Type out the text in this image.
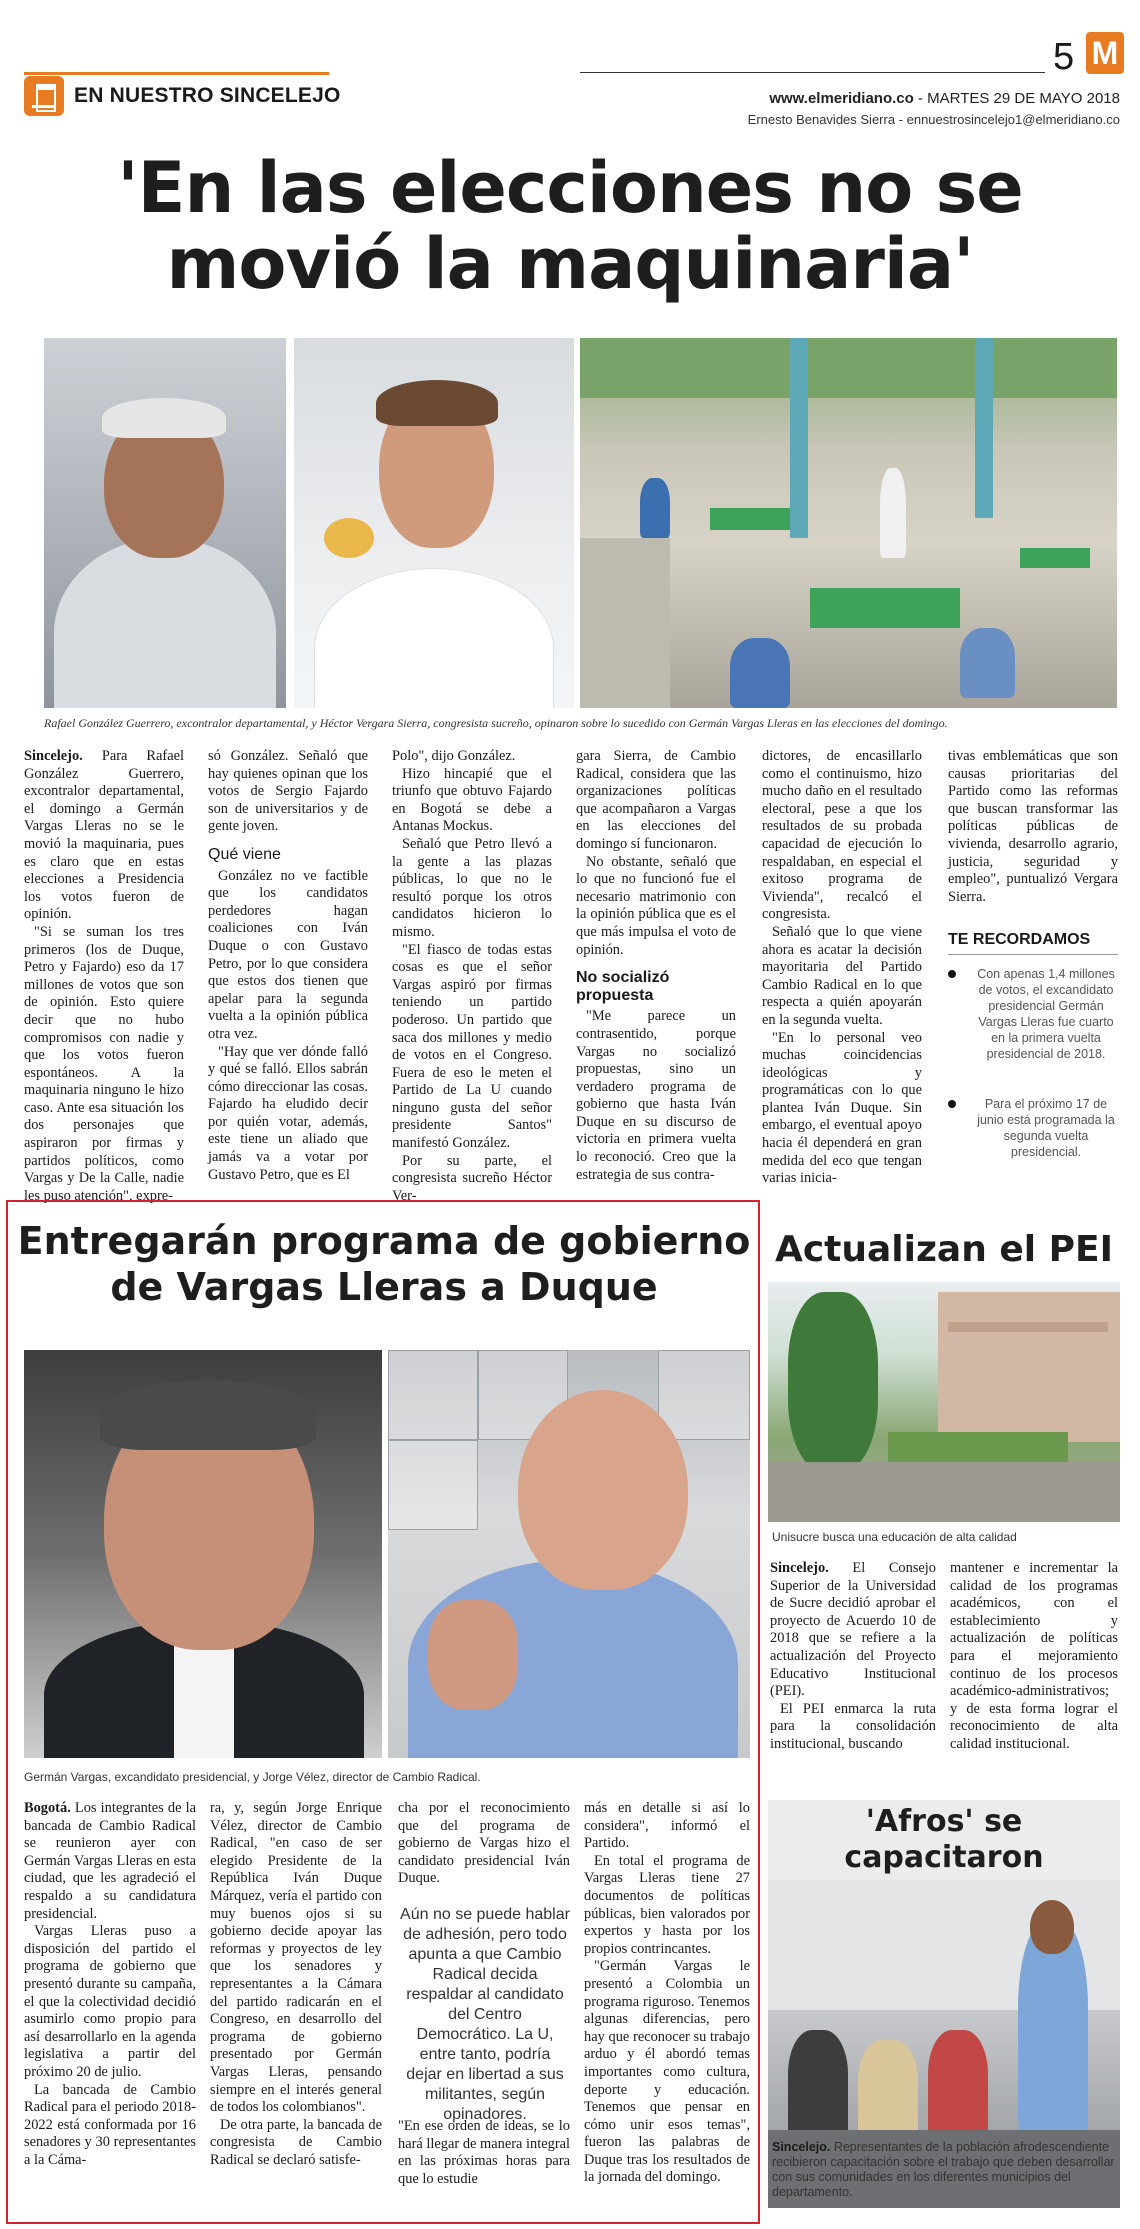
EN NUESTRO SINCELEJO
5 M
www.elmeridiano.co - MARTES 29 DE MAYO 2018
Ernesto Benavides Sierra - ennuestrosincelejo1@elmeridiano.co
'En las elecciones no se
movió la maquinaria'
Rafael González Guerrero, excontralor departamental, y Héctor Vergara Sierra, congresista sucreño, opinaron sobre lo sucedido con Germán Vargas Lleras en las elecciones del domingo.

Sincelejo. Para Rafael González Guerrero, excontralor departamental, el domingo a Germán Vargas Lleras no se le movió la maquinaria, pues es claro que en estas elecciones a Presidencia los votos fueron de opinión.

"Si se suman los tres primeros (los de Duque, Petro y Fajardo) eso da 17 millones de votos que son de opinión. Esto quiere decir que no hubo compromisos con nadie y que los votos fueron espontáneos. A la maquinaria ninguno le hizo caso. Ante esa situación los dos personajes que aspiraron por firmas y partidos políticos, como Vargas y De la Calle, nadie les puso atención", expre-

só González. Señaló que hay quienes opinan que los votos de Sergio Fajardo son de universitarios y de gente joven.

Qué viene

González no ve factible que los candidatos perdedores hagan coaliciones con Iván Duque o con Gustavo Petro, por lo que considera que estos dos tienen que apelar para la segunda vuelta a la opinión pública otra vez.

"Hay que ver dónde falló y qué se falló. Ellos sabrán cómo direccionar las cosas. Fajardo ha eludido decir por quién votar, además, este tiene un aliado que jamás va a votar por Gustavo Petro, que es El

Polo", dijo González.

Hizo hincapié que el triunfo que obtuvo Fajardo en Bogotá se debe a Antanas Mockus.

Señaló que Petro llevó a la gente a las plazas públicas, lo que no le resultó porque los otros candidatos hicieron lo mismo.

"El fiasco de todas estas cosas es que el señor Vargas aspiró por firmas teniendo un partido poderoso. Un partido que saca dos millones y medio de votos en el Congreso. Fuera de eso le meten el Partido de La U cuando ninguno gusta del señor presidente Santos" manifestó González.

Por su parte, el congresista sucreño Héctor Ver-

gara Sierra, de Cambio Radical, considera que las organizaciones políticas que acompañaron a Vargas en las elecciones del domingo sí funcionaron.

No obstante, señaló que lo que no funcionó fue el necesario matrimonio con la opinión pública que es el que más impulsa el voto de opinión.

No socializó propuesta

"Me parece un contrasentido, porque Vargas no socializó propuestas, sino un verdadero programa de gobierno que hasta Iván Duque en su discurso de victoria en primera vuelta lo reconoció. Creo que la estrategia de sus contra-

dictores, de encasillarlo como el continuismo, hizo mucho daño en el resultado electoral, pese a que los resultados de su probada capacidad de ejecución lo respaldaban, en especial el exitoso programa de Vivienda", recalcó el congresista.

Señaló que lo que viene ahora es acatar la decisión mayoritaria del Partido Cambio Radical en lo que respecta a quién apoyarán en la segunda vuelta.

"En lo personal veo muchas coincidencias ideológicas y programáticas con lo que plantea Iván Duque. Sin embargo, el eventual apoyo hacia él dependerá en gran medida del eco que tengan varias inicia-

tivas emblemáticas que son causas prioritarias del Partido como las reformas que buscan transformar las políticas públicas de vivienda, desarrollo agrario, justicia, seguridad y empleo", puntualizó Vergara Sierra.

TE RECORDAMOS
Con apenas 1,4 millones de votos, el excandidato presidencial Germán Vargas Lleras fue cuarto en la primera vuelta presidencial de 2018.
Para el próximo 17 de junio está programada la segunda vuelta presidencial.
Entregarán programa de gobierno
de Vargas Lleras a Duque
Germán Vargas, excandidato presidencial, y Jorge Vélez, director de Cambio Radical.

Bogotá. Los integrantes de la bancada de Cambio Radical se reunieron ayer con Germán Vargas Lleras en esta ciudad, que les agradeció el respaldo a su candidatura presidencial.

Vargas Lleras puso a disposición del partido el programa de gobierno que presentó durante su campaña, el que la colectividad decidió asumirlo como propio para así desarrollarlo en la agenda legislativa a partir del próximo 20 de julio.

La bancada de Cambio Radical para el periodo 2018-2022 está conformada por 16 senadores y 30 representantes a la Cáma-

ra, y, según Jorge Enrique Vélez, director de Cambio Radical, "en caso de ser elegido Presidente de la República Iván Duque Márquez, vería el partido con muy buenos ojos si su gobierno decide apoyar las reformas y proyectos de ley que los senadores y representantes a la Cámara del partido radicarán en el Congreso, en desarrollo del programa de gobierno presentado por Germán Vargas Lleras, pensando siempre en el interés general de todos los colombianos".

De otra parte, la bancada de congresista de Cambio Radical se declaró satisfe-

cha por el reconocimiento que del programa de gobierno de Vargas hizo el candidato presidencial Iván Duque.

Aún no se puede hablar de adhesión, pero todo apunta a que Cambio Radical decida respaldar al candidato del Centro Democrático. La U, entre tanto, podría dejar en libertad a sus militantes, según opinadores.

"En ese orden de ideas, se lo hará llegar de manera integral en las próximas horas para que lo estudie

más en detalle si así lo considera", informó el Partido.

En total el programa de Vargas Lleras tiene 27 documentos de políticas públicas, bien valorados por expertos y hasta por los propios contrincantes.

"Germán Vargas le presentó a Colombia un programa riguroso. Tenemos algunas diferencias, pero hay que reconocer su trabajo arduo y él abordó temas importantes como cultura, deporte y educación. Tenemos que pensar en cómo unir esos temas", fueron las palabras de Duque tras los resultados de la jornada del domingo.

Actualizan el PEI
Unisucre busca una educación de alta calidad

Sincelejo. El Consejo Superior de la Universidad de Sucre decidió aprobar el proyecto de Acuerdo 10 de 2018 que se refiere a la actualización del Proyecto Educativo Institucional (PEI).

El PEI enmarca la ruta para la consolidación institucional, buscando

mantener e incrementar la calidad de los programas académicos, con el establecimiento y actualización de políticas para el mejoramiento continuo de los procesos académico-administrativos; y de esta forma lograr el reconocimiento de alta calidad institucional.

'Afros' se
capacitaron
Sincelejo. Representantes de la población afrodescendiente recibieron capacitación sobre el trabajo que deben desarrollar con sus comunidades en los diferentes municipios del departamento.
